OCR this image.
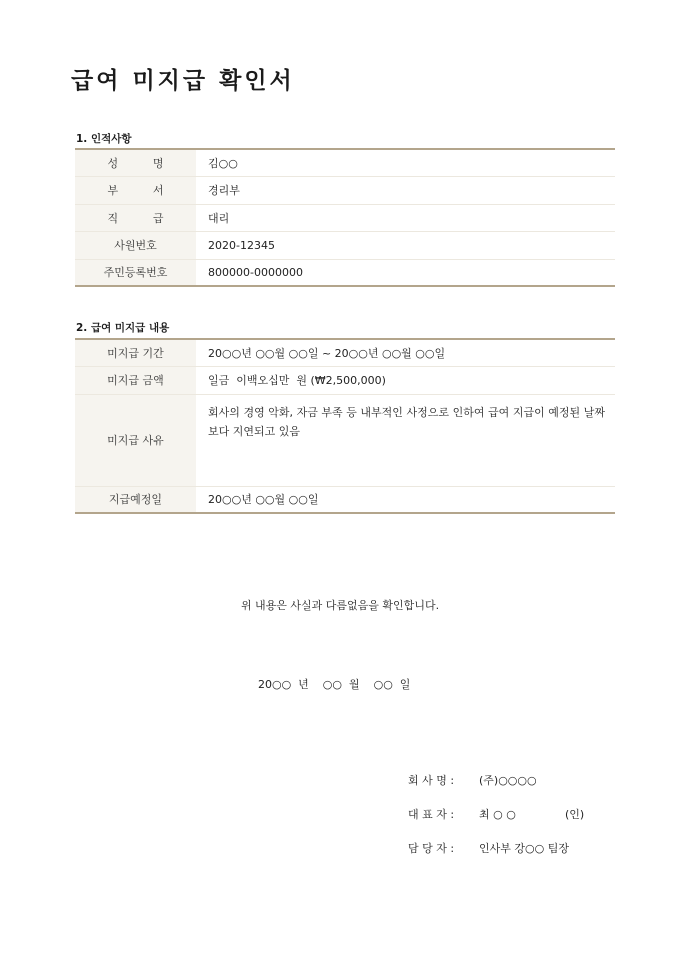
급여 미지급 확인서
1. 인적사항
성 명	김○○
부 서	경리부
직 급	대리
사원번호	2020-12345
주민등록번호	800000-0000000
2. 급여 미지급 내용
미지급 기간	20○○년 ○○월 ○○일 ~ 20○○년 ○○월 ○○일
미지급 금액	일금  이백오십만  원 (₩2,500,000)
미지급 사유	회사의 경영 악화, 자금 부족 등 내부적인 사정으로 인하여 급여 지급이 예정된 날짜보다 지연되고 있음
지급예정일	20○○년 ○○월 ○○일
위 내용은 사실과 다름없음을 확인합니다.
20○○  년    ○○  월    ○○  일
회 사 명 : (주)○○○○
대 표 자 : 최 ○ ○	(인)
담 당 자 : 인사부 강○○ 팀장
